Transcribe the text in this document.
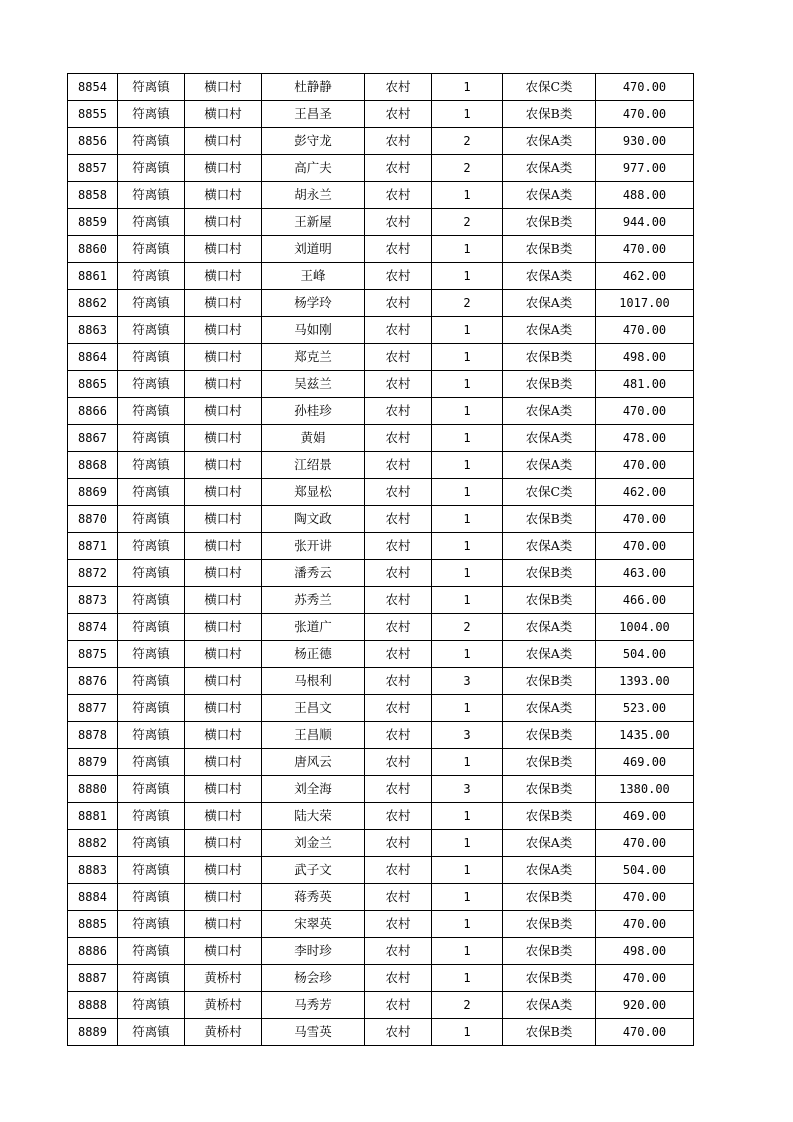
8854	符离镇	横口村	杜静静	农村	1	农保C类	470.00
8855	符离镇	横口村	王昌圣	农村	1	农保B类	470.00
8856	符离镇	横口村	彭守龙	农村	2	农保A类	930.00
8857	符离镇	横口村	高广夫	农村	2	农保A类	977.00
8858	符离镇	横口村	胡永兰	农村	1	农保A类	488.00
8859	符离镇	横口村	王新屋	农村	2	农保B类	944.00
8860	符离镇	横口村	刘道明	农村	1	农保B类	470.00
8861	符离镇	横口村	王峰	农村	1	农保A类	462.00
8862	符离镇	横口村	杨学玲	农村	2	农保A类	1017.00
8863	符离镇	横口村	马如刚	农村	1	农保A类	470.00
8864	符离镇	横口村	郑克兰	农村	1	农保B类	498.00
8865	符离镇	横口村	吴兹兰	农村	1	农保B类	481.00
8866	符离镇	横口村	孙桂珍	农村	1	农保A类	470.00
8867	符离镇	横口村	黄娟	农村	1	农保A类	478.00
8868	符离镇	横口村	江绍景	农村	1	农保A类	470.00
8869	符离镇	横口村	郑显松	农村	1	农保C类	462.00
8870	符离镇	横口村	陶文政	农村	1	农保B类	470.00
8871	符离镇	横口村	张开讲	农村	1	农保A类	470.00
8872	符离镇	横口村	潘秀云	农村	1	农保B类	463.00
8873	符离镇	横口村	苏秀兰	农村	1	农保B类	466.00
8874	符离镇	横口村	张道广	农村	2	农保A类	1004.00
8875	符离镇	横口村	杨正德	农村	1	农保A类	504.00
8876	符离镇	横口村	马根利	农村	3	农保B类	1393.00
8877	符离镇	横口村	王昌文	农村	1	农保A类	523.00
8878	符离镇	横口村	王昌顺	农村	3	农保B类	1435.00
8879	符离镇	横口村	唐风云	农村	1	农保B类	469.00
8880	符离镇	横口村	刘全海	农村	3	农保B类	1380.00
8881	符离镇	横口村	陆大荣	农村	1	农保B类	469.00
8882	符离镇	横口村	刘金兰	农村	1	农保A类	470.00
8883	符离镇	横口村	武子文	农村	1	农保A类	504.00
8884	符离镇	横口村	蒋秀英	农村	1	农保B类	470.00
8885	符离镇	横口村	宋翠英	农村	1	农保B类	470.00
8886	符离镇	横口村	李时珍	农村	1	农保B类	498.00
8887	符离镇	黄桥村	杨会珍	农村	1	农保B类	470.00
8888	符离镇	黄桥村	马秀芳	农村	2	农保A类	920.00
8889	符离镇	黄桥村	马雪英	农村	1	农保B类	470.00
